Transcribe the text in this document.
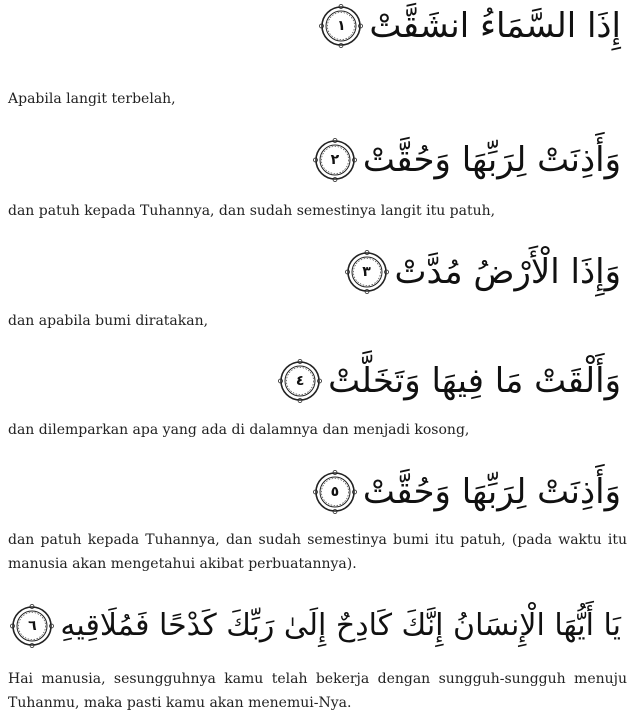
إِذَا السَّمَاءُ انشَقَّتْ
١
Apabila langit terbelah,
وَأَذِنَتْ لِرَبِّهَا وَحُقَّتْ
٢
dan patuh kepada Tuhannya, dan sudah semestinya langit itu patuh,
وَإِذَا الْأَرْضُ مُدَّتْ
٣
dan apabila bumi diratakan,
وَأَلْقَتْ مَا فِيهَا وَتَخَلَّتْ
٤
dan dilemparkan apa yang ada di dalamnya dan menjadi kosong,
وَأَذِنَتْ لِرَبِّهَا وَحُقَّتْ
٥
dan patuh kepada Tuhannya, dan sudah semestinya bumi itu patuh, (pada waktu itu manusia akan mengetahui akibat perbuatannya).
يَا أَيُّهَا الْإِنسَانُ إِنَّكَ كَادِحٌ إِلَىٰ رَبِّكَ كَدْحًا فَمُلَاقِيهِ
٦
Hai manusia, sesungguhnya kamu telah bekerja dengan sungguh-sungguh menuju Tuhanmu, maka pasti kamu akan menemui-Nya.
